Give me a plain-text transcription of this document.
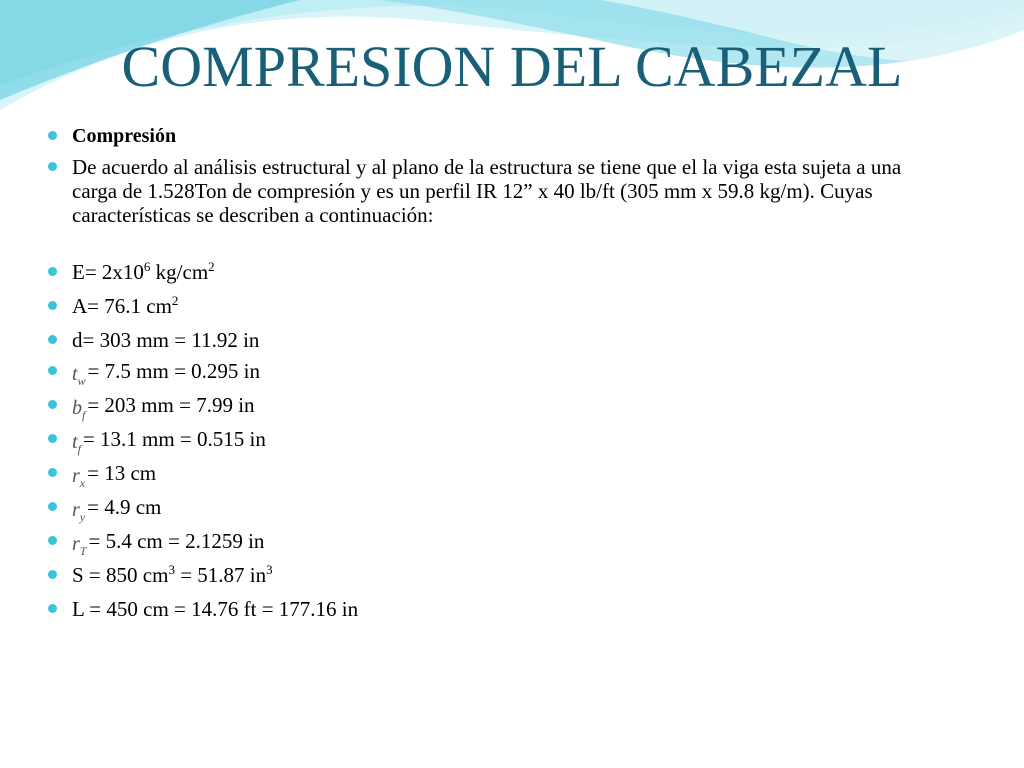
COMPRESION DEL CABEZAL
Compresión
De acuerdo al análisis estructural y al plano de la estructura se tiene que el la viga esta sujeta a una carga de 1.528Ton de compresión y es un perfil IR 12” x 40 lb/ft (305 mm x 59.8 kg/m). Cuyas características se describen a continuación:
$E= 2x10^6$ $kg/cm^2$
A= 76.1 $cm^2$
d= 303 mm = 11.92 in
$t_w= 7.5$ mm = 0.295 in
$b_f= 203$ mm = 7.99 in
$t_f= 13.1$ mm = 0.515 in
$r_x= 13$ cm
$r_y= 4.9$ cm
$r_T= 5.4$ cm = 2.1259 in
S = 850 $cm^3 = 51.87$ $in^3$
L = 450 cm = 14.76 ft = 177.16 in
